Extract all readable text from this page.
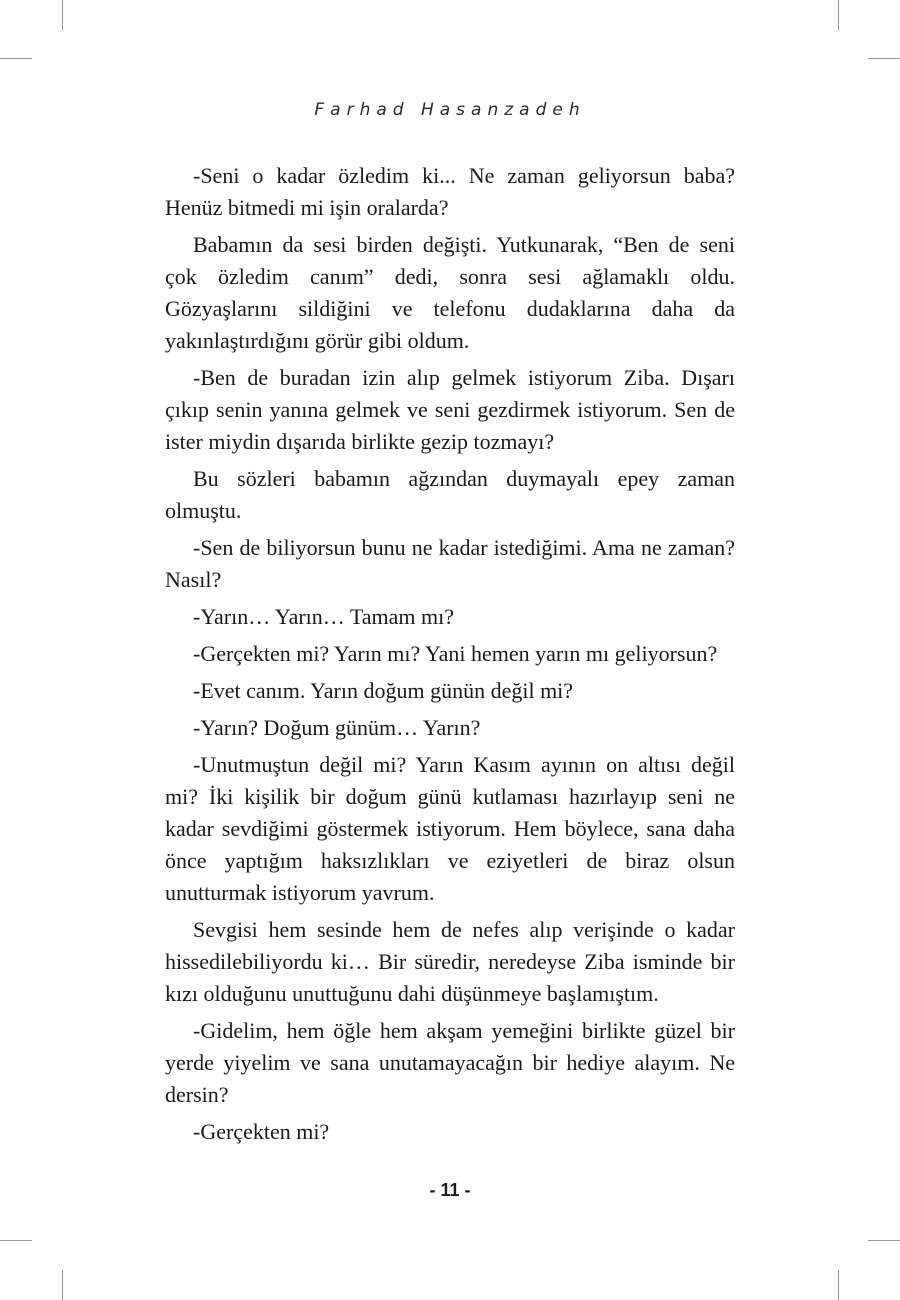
Farhad Hasanzadeh

-Seni o kadar özledim ki... Ne zaman geliyorsun baba? Henüz bitmedi mi işin oralarda?

Babamın da sesi birden değişti. Yutkunarak, “Ben de seni çok özledim canım” dedi, sonra sesi ağlamaklı oldu. Gözyaşlarını sildiğini ve telefonu dudaklarına daha da yakınlaştırdığını görür gibi oldum.

-Ben de buradan izin alıp gelmek istiyorum Ziba. Dışarı çıkıp senin yanına gelmek ve seni gezdirmek istiyorum. Sen de ister miydin dışarıda birlikte gezip tozmayı?

Bu sözleri babamın ağzından duymayalı epey zaman olmuştu.

-Sen de biliyorsun bunu ne kadar istediğimi. Ama ne zaman? Nasıl?

-Yarın… Yarın… Tamam mı?

-Gerçekten mi? Yarın mı? Yani hemen yarın mı geliyorsun?

-Evet canım. Yarın doğum günün değil mi?

-Yarın? Doğum günüm… Yarın?

-Unutmuştun değil mi? Yarın Kasım ayının on altısı değil mi? İki kişilik bir doğum günü kutlaması hazırlayıp seni ne kadar sevdiğimi göstermek istiyorum. Hem böylece, sana daha önce yaptığım haksızlıkları ve eziyetleri de biraz olsun unutturmak istiyorum yavrum.

Sevgisi hem sesinde hem de nefes alıp verişinde o kadar hissedilebiliyordu ki… Bir süredir, neredeyse Ziba isminde bir kızı olduğunu unuttuğunu dahi düşünmeye başlamıştım.

-Gidelim, hem öğle hem akşam yemeğini birlikte güzel bir yerde yiyelim ve sana unutamayacağın bir hediye alayım. Ne dersin?

-Gerçekten mi?

- 11 -
